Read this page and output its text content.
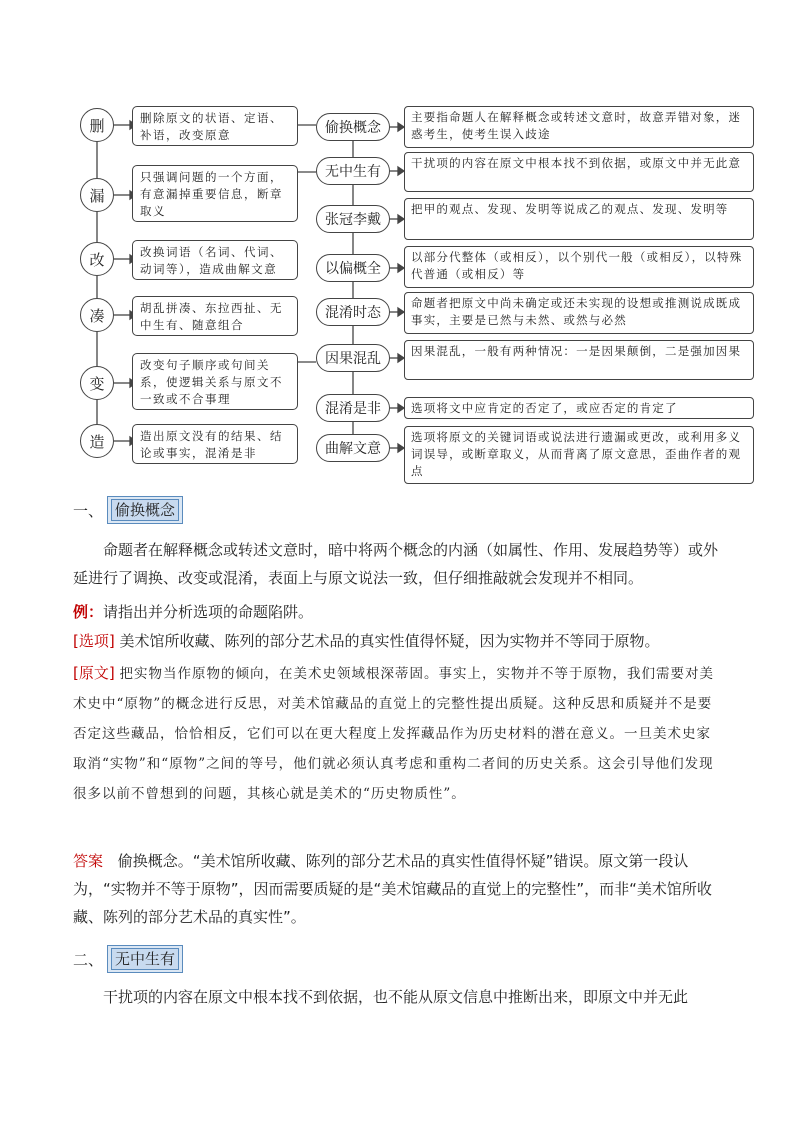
删
漏
改
凑
变
造
删除原文的状语、定语、补语，改变原意
只强调问题的一个方面，有意漏掉重要信息，断章取义
改换词语（名词、代词、动词等），造成曲解文意
胡乱拼凑、东拉西扯、无中生有、随意组合
改变句子顺序或句间关系，使逻辑关系与原文不一致或不合事理
造出原文没有的结果、结论或事实，混淆是非
偷换概念
无中生有
张冠李戴
以偏概全
混淆时态
因果混乱
混淆是非
曲解文意
主要指命题人在解释概念或转述文意时，故意弄错对象，迷惑考生，使考生误入歧途
干扰项的内容在原文中根本找不到依据，或原文中并无此意
把甲的观点、发现、发明等说成乙的观点、发现、发明等
以部分代整体（或相反），以个别代一般（或相反），以特殊代普通（或相反）等
命题者把原文中尚未确定或还未实现的设想或推测说成既成事实，主要是已然与未然、或然与必然
因果混乱，一般有两种情况：一是因果颠倒，二是强加因果
选项将文中应肯定的否定了，或应否定的肯定了
选项将原文的关键词语或说法进行遗漏或更改，或利用多义词误导，或断章取义，从而背离了原文意思，歪曲作者的观点
一、 偷换概念
命题者在解释概念或转述文意时，暗中将两个概念的内涵（如属性、作用、发展趋势等）或外延进行了调换、改变或混淆，表面上与原文说法一致，但仔细推敲就会发现并不相同。
例：请指出并分析选项的命题陷阱。
[选项] 美术馆所收藏、陈列的部分艺术品的真实性值得怀疑，因为实物并不等同于原物。
[原文] 把实物当作原物的倾向，在美术史领域根深蒂固。事实上，实物并不等于原物，我们需要对美术史中“原物”的概念进行反思，对美术馆藏品的直觉上的完整性提出质疑。这种反思和质疑并不是要否定这些藏品，恰恰相反，它们可以在更大程度上发挥藏品作为历史材料的潜在意义。一旦美术史家取消“实物”和“原物”之间的等号，他们就必须认真考虑和重构二者间的历史关系。这会引导他们发现很多以前不曾想到的问题，其核心就是美术的“历史物质性”。
答案 偷换概念。“美术馆所收藏、陈列的部分艺术品的真实性值得怀疑”错误。原文第一段认为，“实物并不等于原物”，因而需要质疑的是“美术馆藏品的直觉上的完整性”，而非“美术馆所收藏、陈列的部分艺术品的真实性”。
二、 无中生有
干扰项的内容在原文中根本找不到依据，也不能从原文信息中推断出来，即原文中并无此
